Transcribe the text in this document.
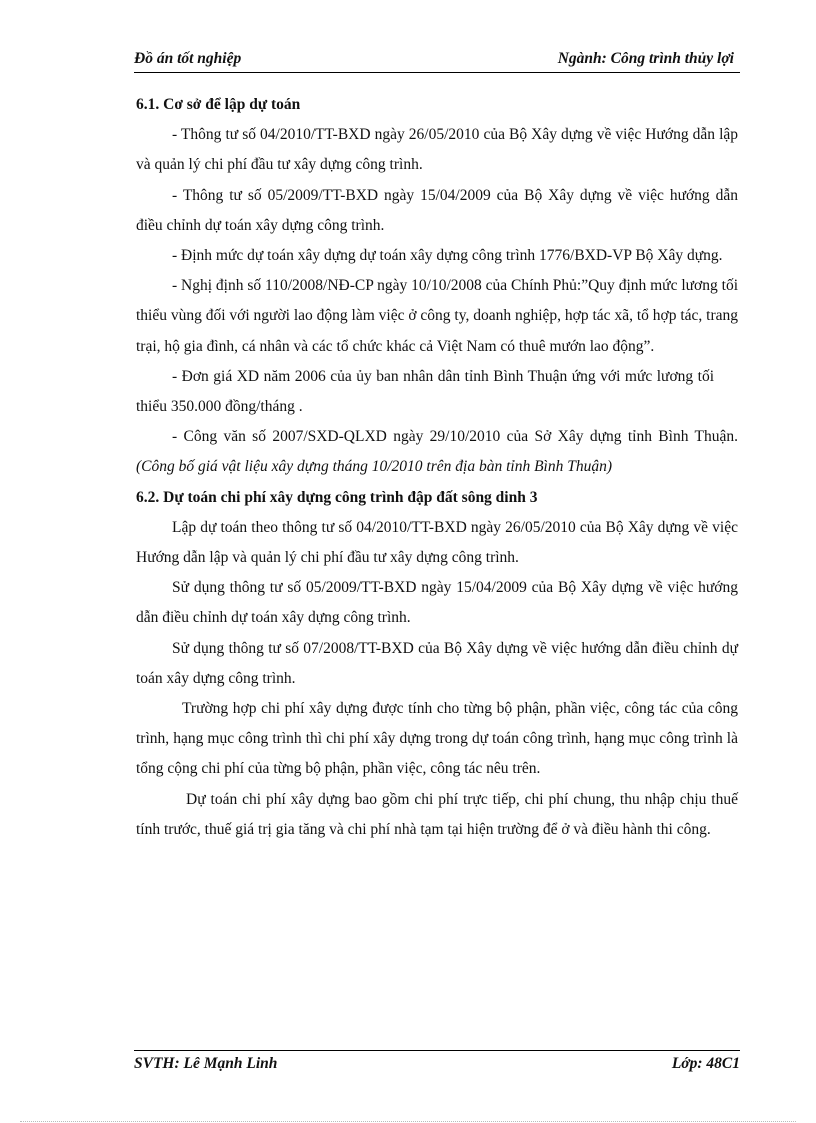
Đồ án tốt nghiệp	Ngành: Công trình thủy lợi

6.1. Cơ sở để lập dự toán

- Thông tư số 04/2010/TT-BXD ngày 26/05/2010 của Bộ Xây dựng về việc Hướng dẫn lập và quản lý chi phí đầu tư xây dựng công trình.

- Thông tư số 05/2009/TT-BXD ngày 15/04/2009 của Bộ Xây dựng về việc hướng dẫn điều chỉnh dự toán xây dựng công trình.

- Định mức dự toán xây dựng dự toán xây dựng công trình 1776/BXD-VP Bộ Xây dựng.

- Nghị định số 110/2008/NĐ-CP ngày 10/10/2008 của Chính Phủ:”Quy định mức lương tối thiểu vùng đối với người lao động làm việc ở công ty, doanh nghiệp, hợp tác xã, tổ hợp tác, trang trại, hộ gia đình, cá nhân và các tổ chức khác cả Việt Nam có thuê mướn lao động”.

- Đơn giá XD năm 2006 của ủy ban nhân dân tỉnh Bình Thuận ứng với mức lương tối thiểu 350.000 đồng/tháng .

- Công văn số 2007/SXD-QLXD ngày 29/10/2010 của Sở Xây dựng tỉnh Bình Thuận. (Công bố giá vật liệu xây dựng tháng 10/2010 trên địa bàn tỉnh Bình Thuận)

6.2. Dự toán chi phí xây dựng công trình đập đất sông dinh 3

Lập dự toán theo thông tư số 04/2010/TT-BXD ngày 26/05/2010 của Bộ Xây dựng về việc Hướng dẫn lập và quản lý chi phí đầu tư xây dựng công trình.

Sử dụng thông tư số 05/2009/TT-BXD ngày 15/04/2009 của Bộ Xây dựng về việc hướng dẫn điều chỉnh dự toán xây dựng công trình.

Sử dụng thông tư số 07/2008/TT-BXD của Bộ Xây dựng về việc hướng dẫn điều chỉnh dự toán xây dựng công trình.

Trường hợp chi phí xây dựng được tính cho từng bộ phận, phần việc, công tác của công trình, hạng mục công trình thì chi phí xây dựng trong dự toán công trình, hạng mục công trình là tổng cộng chi phí của từng bộ phận, phần việc, công tác nêu trên.

Dự toán chi phí xây dựng bao gồm chi phí trực tiếp, chi phí chung, thu nhập chịu thuế tính trước, thuế giá trị gia tăng và chi phí nhà tạm tại hiện trường để ở và điều hành thi công.

SVTH: Lê Mạnh Linh	Lớp: 48C1
